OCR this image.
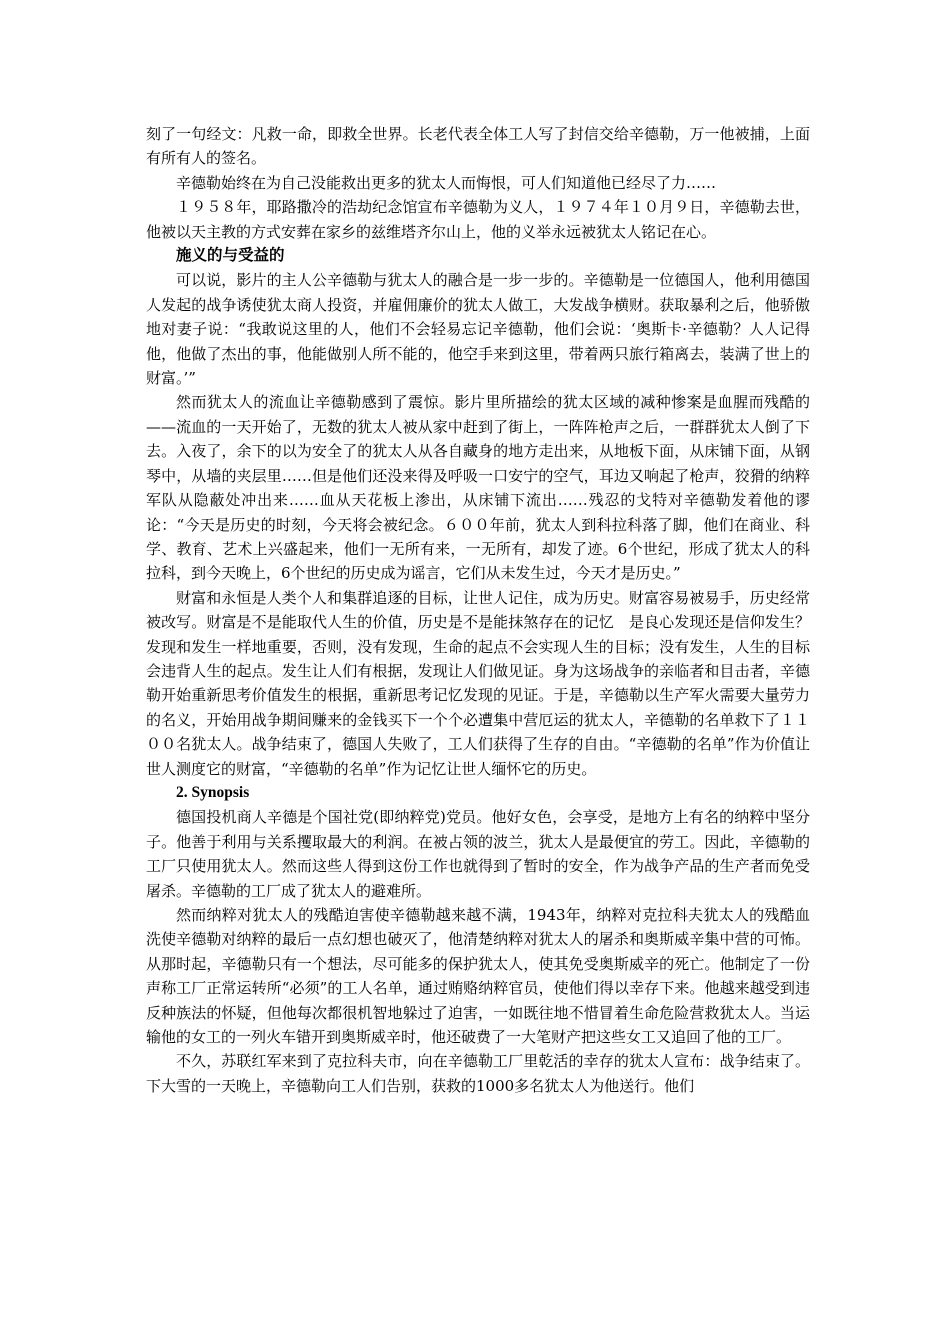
刻了一句经文：凡救一命，即救全世界。长老代表全体工人写了封信交给辛德勒，万一他被捕，上面有所有人的签名。

辛德勒始终在为自己没能救出更多的犹太人而悔恨，可人们知道他已经尽了力……

１９５８年，耶路撒冷的浩劫纪念馆宣布辛德勒为义人，１９７４年１０月９日，辛德勒去世，他被以天主教的方式安葬在家乡的兹维塔齐尔山上，他的义举永远被犹太人铭记在心。

施义的与受益的

可以说，影片的主人公辛德勒与犹太人的融合是一步一步的。辛德勒是一位德国人，他利用德国人发起的战争诱使犹太商人投资，并雇佣廉价的犹太人做工，大发战争横财。获取暴利之后，他骄傲地对妻子说：“我敢说这里的人，他们不会轻易忘记辛德勒，他们会说：‘奥斯卡·辛德勒？人人记得他，他做了杰出的事，他能做别人所不能的，他空手来到这里，带着两只旅行箱离去，装满了世上的财富。’”

然而犹太人的流血让辛德勒感到了震惊。影片里所描绘的犹太区域的减种惨案是血腥而残酷的——流血的一天开始了，无数的犹太人被从家中赶到了街上，一阵阵枪声之后，一群群犹太人倒了下去。入夜了，余下的以为安全了的犹太人从各自藏身的地方走出来，从地板下面，从床铺下面，从钢琴中，从墙的夹层里……但是他们还没来得及呼吸一口安宁的空气，耳边又响起了枪声，狡猾的纳粹军队从隐蔽处冲出来……血从天花板上渗出，从床铺下流出……残忍的戈特对辛德勒发着他的谬论：“今天是历史的时刻，今天将会被纪念。６００年前，犹太人到科拉科落了脚，他们在商业、科学、教育、艺术上兴盛起来，他们一无所有来，一无所有，却发了迹。6个世纪，形成了犹太人的科拉科，到今天晚上，6个世纪的历史成为谣言，它们从未发生过，今天才是历史。”

财富和永恒是人类个人和集群追逐的目标，让世人记住，成为历史。财富容易被易手，历史经常被改写。财富是不是能取代人生的价值，历史是不是能抹煞存在的记忆　是良心发现还是信仰发生？发现和发生一样地重要，否则，没有发现，生命的起点不会实现人生的目标；没有发生，人生的目标会违背人生的起点。发生让人们有根据，发现让人们做见证。身为这场战争的亲临者和目击者，辛德勒开始重新思考价值发生的根据，重新思考记忆发现的见证。于是，辛德勒以生产军火需要大量劳力的名义，开始用战争期间赚来的金钱买下一个个必遭集中营厄运的犹太人，辛德勒的名单救下了１１００名犹太人。战争结束了，德国人失败了，工人们获得了生存的自由。“辛德勒的名单”作为价值让世人测度它的财富，“辛德勒的名单”作为记忆让世人缅怀它的历史。

2. Synopsis

德国投机商人辛德是个国社党(即纳粹党)党员。他好女色，会享受，是地方上有名的纳粹中坚分子。他善于利用与关系攫取最大的利润。在被占领的波兰，犹太人是最便宜的劳工。因此，辛德勒的工厂只使用犹太人。然而这些人得到这份工作也就得到了暂时的安全，作为战争产品的生产者而免受屠杀。辛德勒的工厂成了犹太人的避难所。

然而纳粹对犹太人的残酷迫害使辛德勒越来越不满，1943年，纳粹对克拉科夫犹太人的残酷血洗使辛德勒对纳粹的最后一点幻想也破灭了，他清楚纳粹对犹太人的屠杀和奥斯威辛集中营的可怖。从那时起，辛德勒只有一个想法，尽可能多的保护犹太人，使其免受奥斯威辛的死亡。他制定了一份声称工厂正常运转所“必须”的工人名单，通过贿赂纳粹官员，使他们得以幸存下来。他越来越受到违反种族法的怀疑，但他每次都很机智地躲过了迫害，一如既往地不惜冒着生命危险营救犹太人。当运输他的女工的一列火车错开到奥斯威辛时，他还破费了一大笔财产把这些女工又追回了他的工厂。

不久，苏联红军来到了克拉科夫市，向在辛德勒工厂里乾活的幸存的犹太人宣布：战争结束了。下大雪的一天晚上，辛德勒向工人们告别，获救的1000多名犹太人为他送行。他们
